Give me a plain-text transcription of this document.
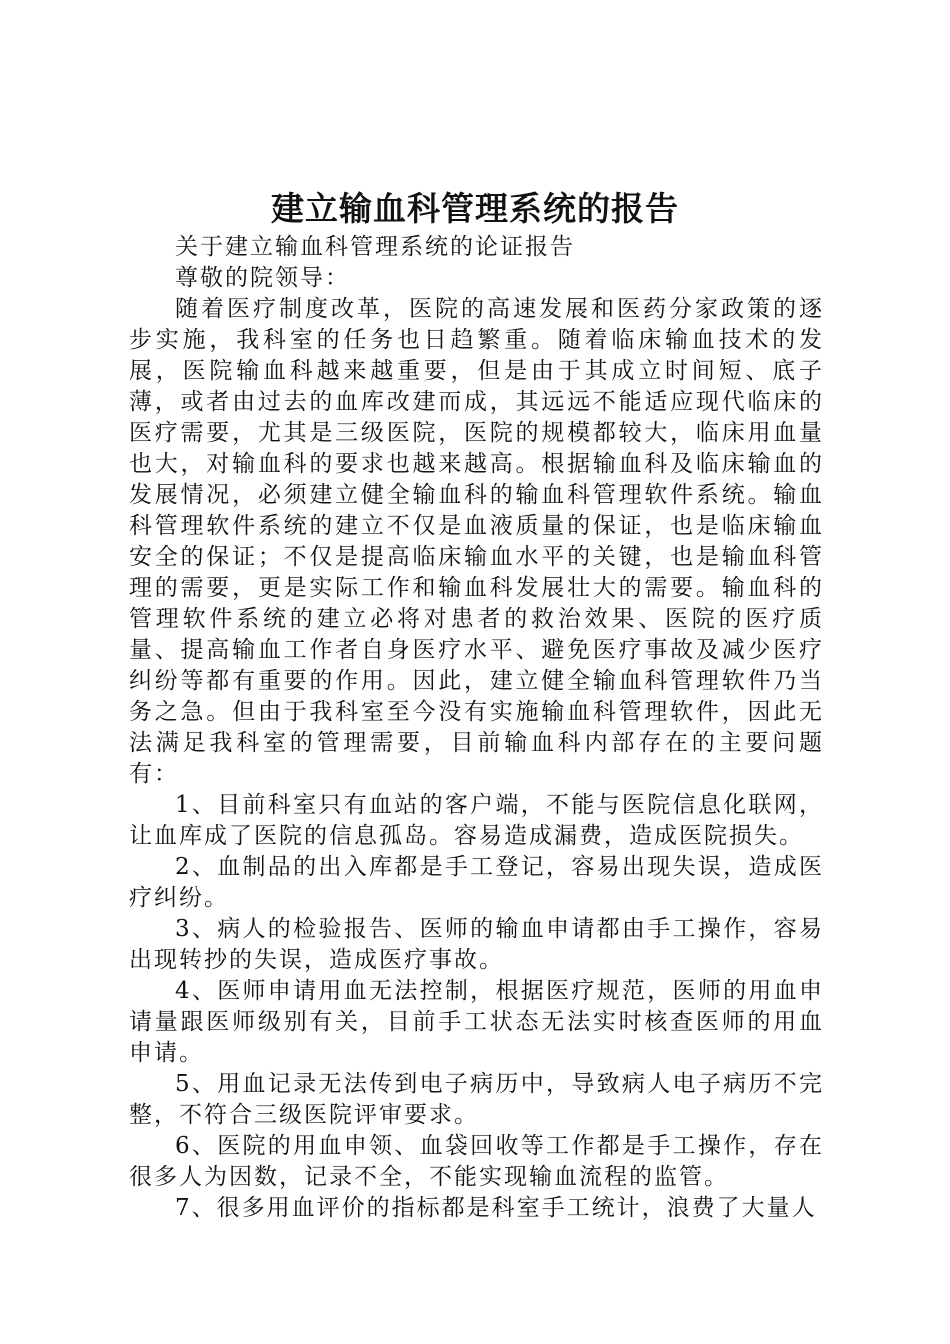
建立输血科管理系统的报告

关于建立输血科管理系统的论证报告

尊敬的院领导：

随着医疗制度改革，医院的高速发展和医药分家政策的逐步实施，我科室的任务也日趋繁重。随着临床输血技术的发展，医院输血科越来越重要，但是由于其成立时间短、底子薄，或者由过去的血库改建而成，其远远不能适应现代临床的医疗需要，尤其是三级医院，医院的规模都较大，临床用血量也大，对输血科的要求也越来越高。根据输血科及临床输血的发展情况，必须建立健全输血科的输血科管理软件系统。输血科管理软件系统的建立不仅是血液质量的保证，也是临床输血安全的保证；不仅是提高临床输血水平的关键，也是输血科管理的需要，更是实际工作和输血科发展壮大的需要。输血科的管理软件系统的建立必将对患者的救治效果、医院的医疗质量、提高输血工作者自身医疗水平、避免医疗事故及减少医疗纠纷等都有重要的作用。因此，建立健全输血科管理软件乃当务之急。但由于我科室至今没有实施输血科管理软件，因此无法满足我科室的管理需要，目前输血科内部存在的主要问题有：

1、目前科室只有血站的客户端，不能与医院信息化联网，让血库成了医院的信息孤岛。容易造成漏费，造成医院损失。

2、血制品的出入库都是手工登记，容易出现失误，造成医疗纠纷。

3、病人的检验报告、医师的输血申请都由手工操作，容易出现转抄的失误，造成医疗事故。

4、医师申请用血无法控制，根据医疗规范，医师的用血申请量跟医师级别有关，目前手工状态无法实时核查医师的用血申请。

5、用血记录无法传到电子病历中，导致病人电子病历不完整，不符合三级医院评审要求。

6、医院的用血申领、血袋回收等工作都是手工操作，存在很多人为因数，记录不全，不能实现输血流程的监管。

7、很多用血评价的指标都是科室手工统计，浪费了大量人
